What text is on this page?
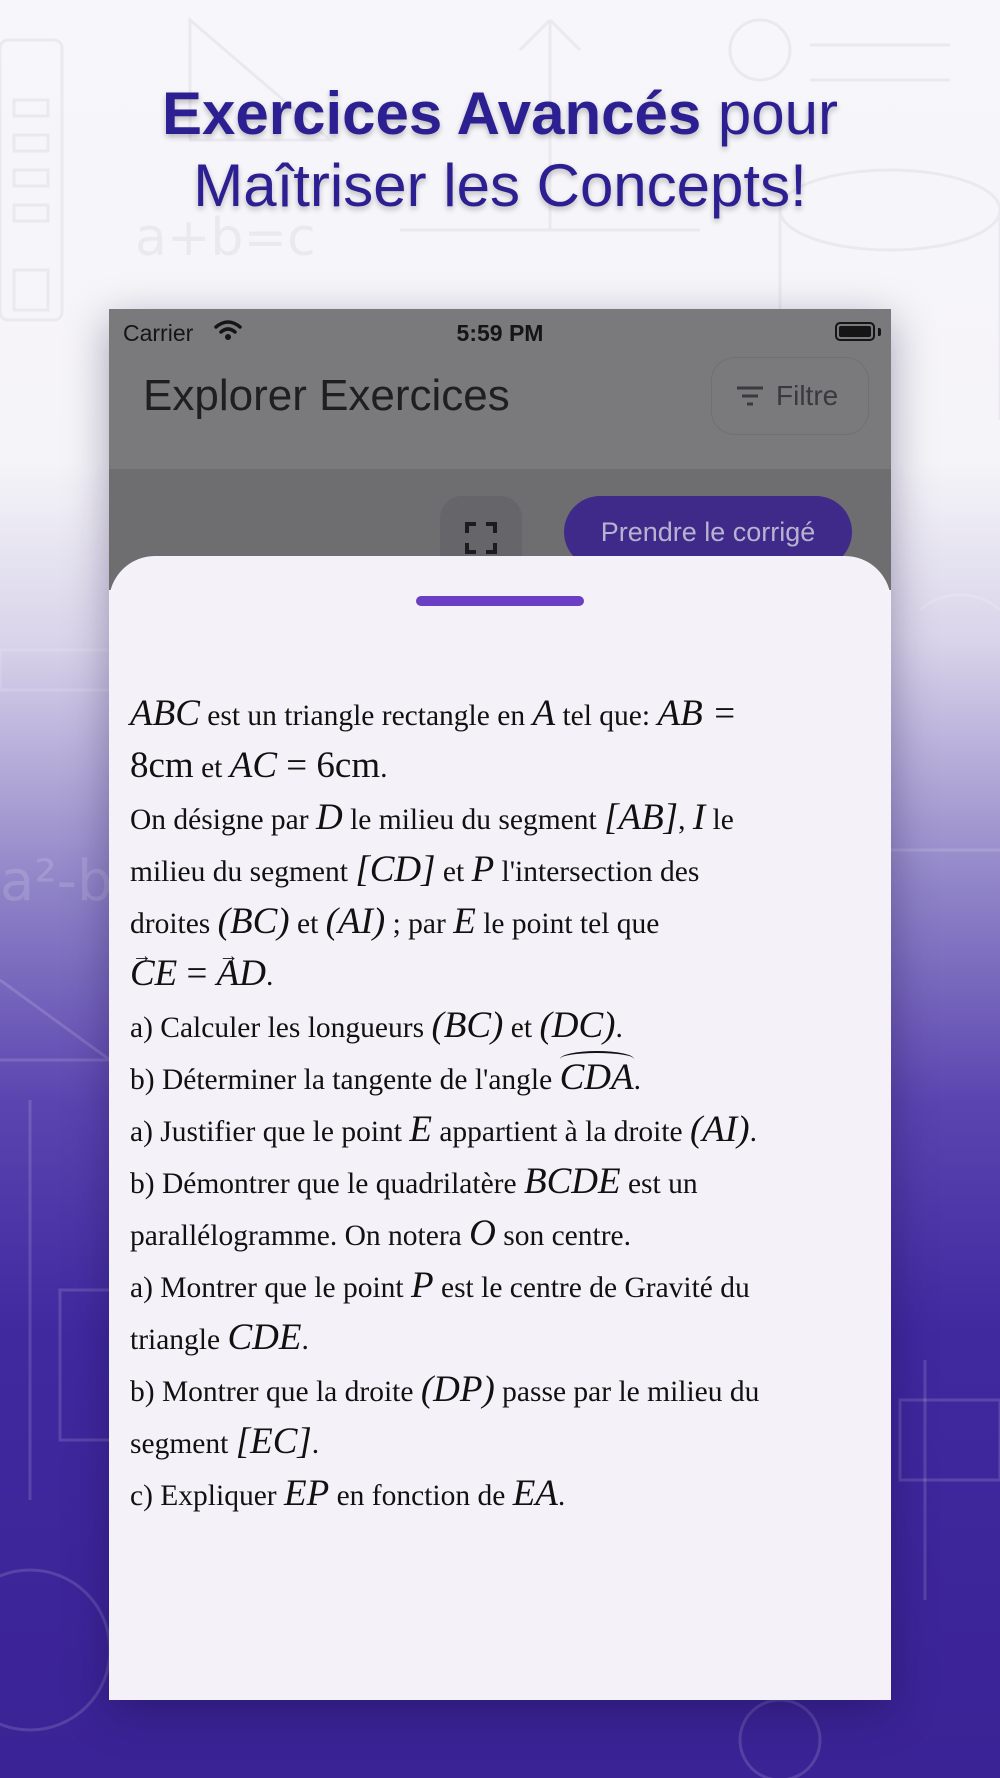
a+b=c
a²-b²
Exercices Avancés pour
Maîtriser les Concepts!
Carrier	5:59 PM
Explorer Exercices	Filtre
Prendre le corrigé

ABC est un triangle rectangle en A tel que: AB =

8cm et AC = 6cm.

On désigne par D le milieu du segment [AB], I le

milieu du segment [CD] et P l'intersection des

droites (BC) et (AI) ; par E le point tel que

→ CE = → AD.

a) Calculer les longueurs (BC) et (DC).

b) Déterminer la tangente de l'angle CDA.

a) Justifier que le point E appartient à la droite (AI).

b) Démontrer que le quadrilatère BCDE est un

parallélogramme. On notera O son centre.

a) Montrer que le point P est le centre de Gravité du

triangle CDE.

b) Montrer que la droite (DP) passe par le milieu du

segment [EC].

c) Expliquer EP en fonction de EA.
